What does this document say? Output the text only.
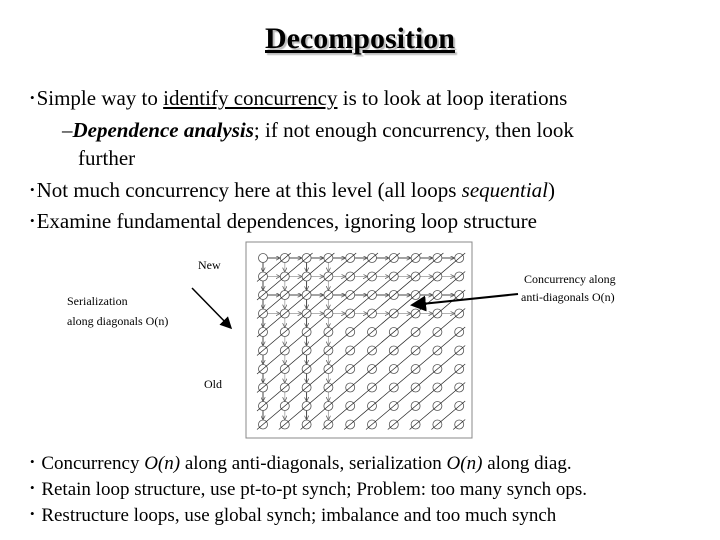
Decomposition
•Simple way to identify concurrency is to look at loop iterations
–Dependence analysis; if not enough concurrency, then look
further
•Not much concurrency here at this level (all loops sequential)
•Examine fundamental dependences, ignoring loop structure
New
Old
Serialization
along diagonals O(n)
Concurrency along
anti-diagonals O(n)
• Concurrency O(n) along anti-diagonals, serialization O(n) along diag.
• Retain loop structure, use pt-to-pt synch; Problem: too many synch ops.
• Restructure loops, use global synch; imbalance and too much synch
